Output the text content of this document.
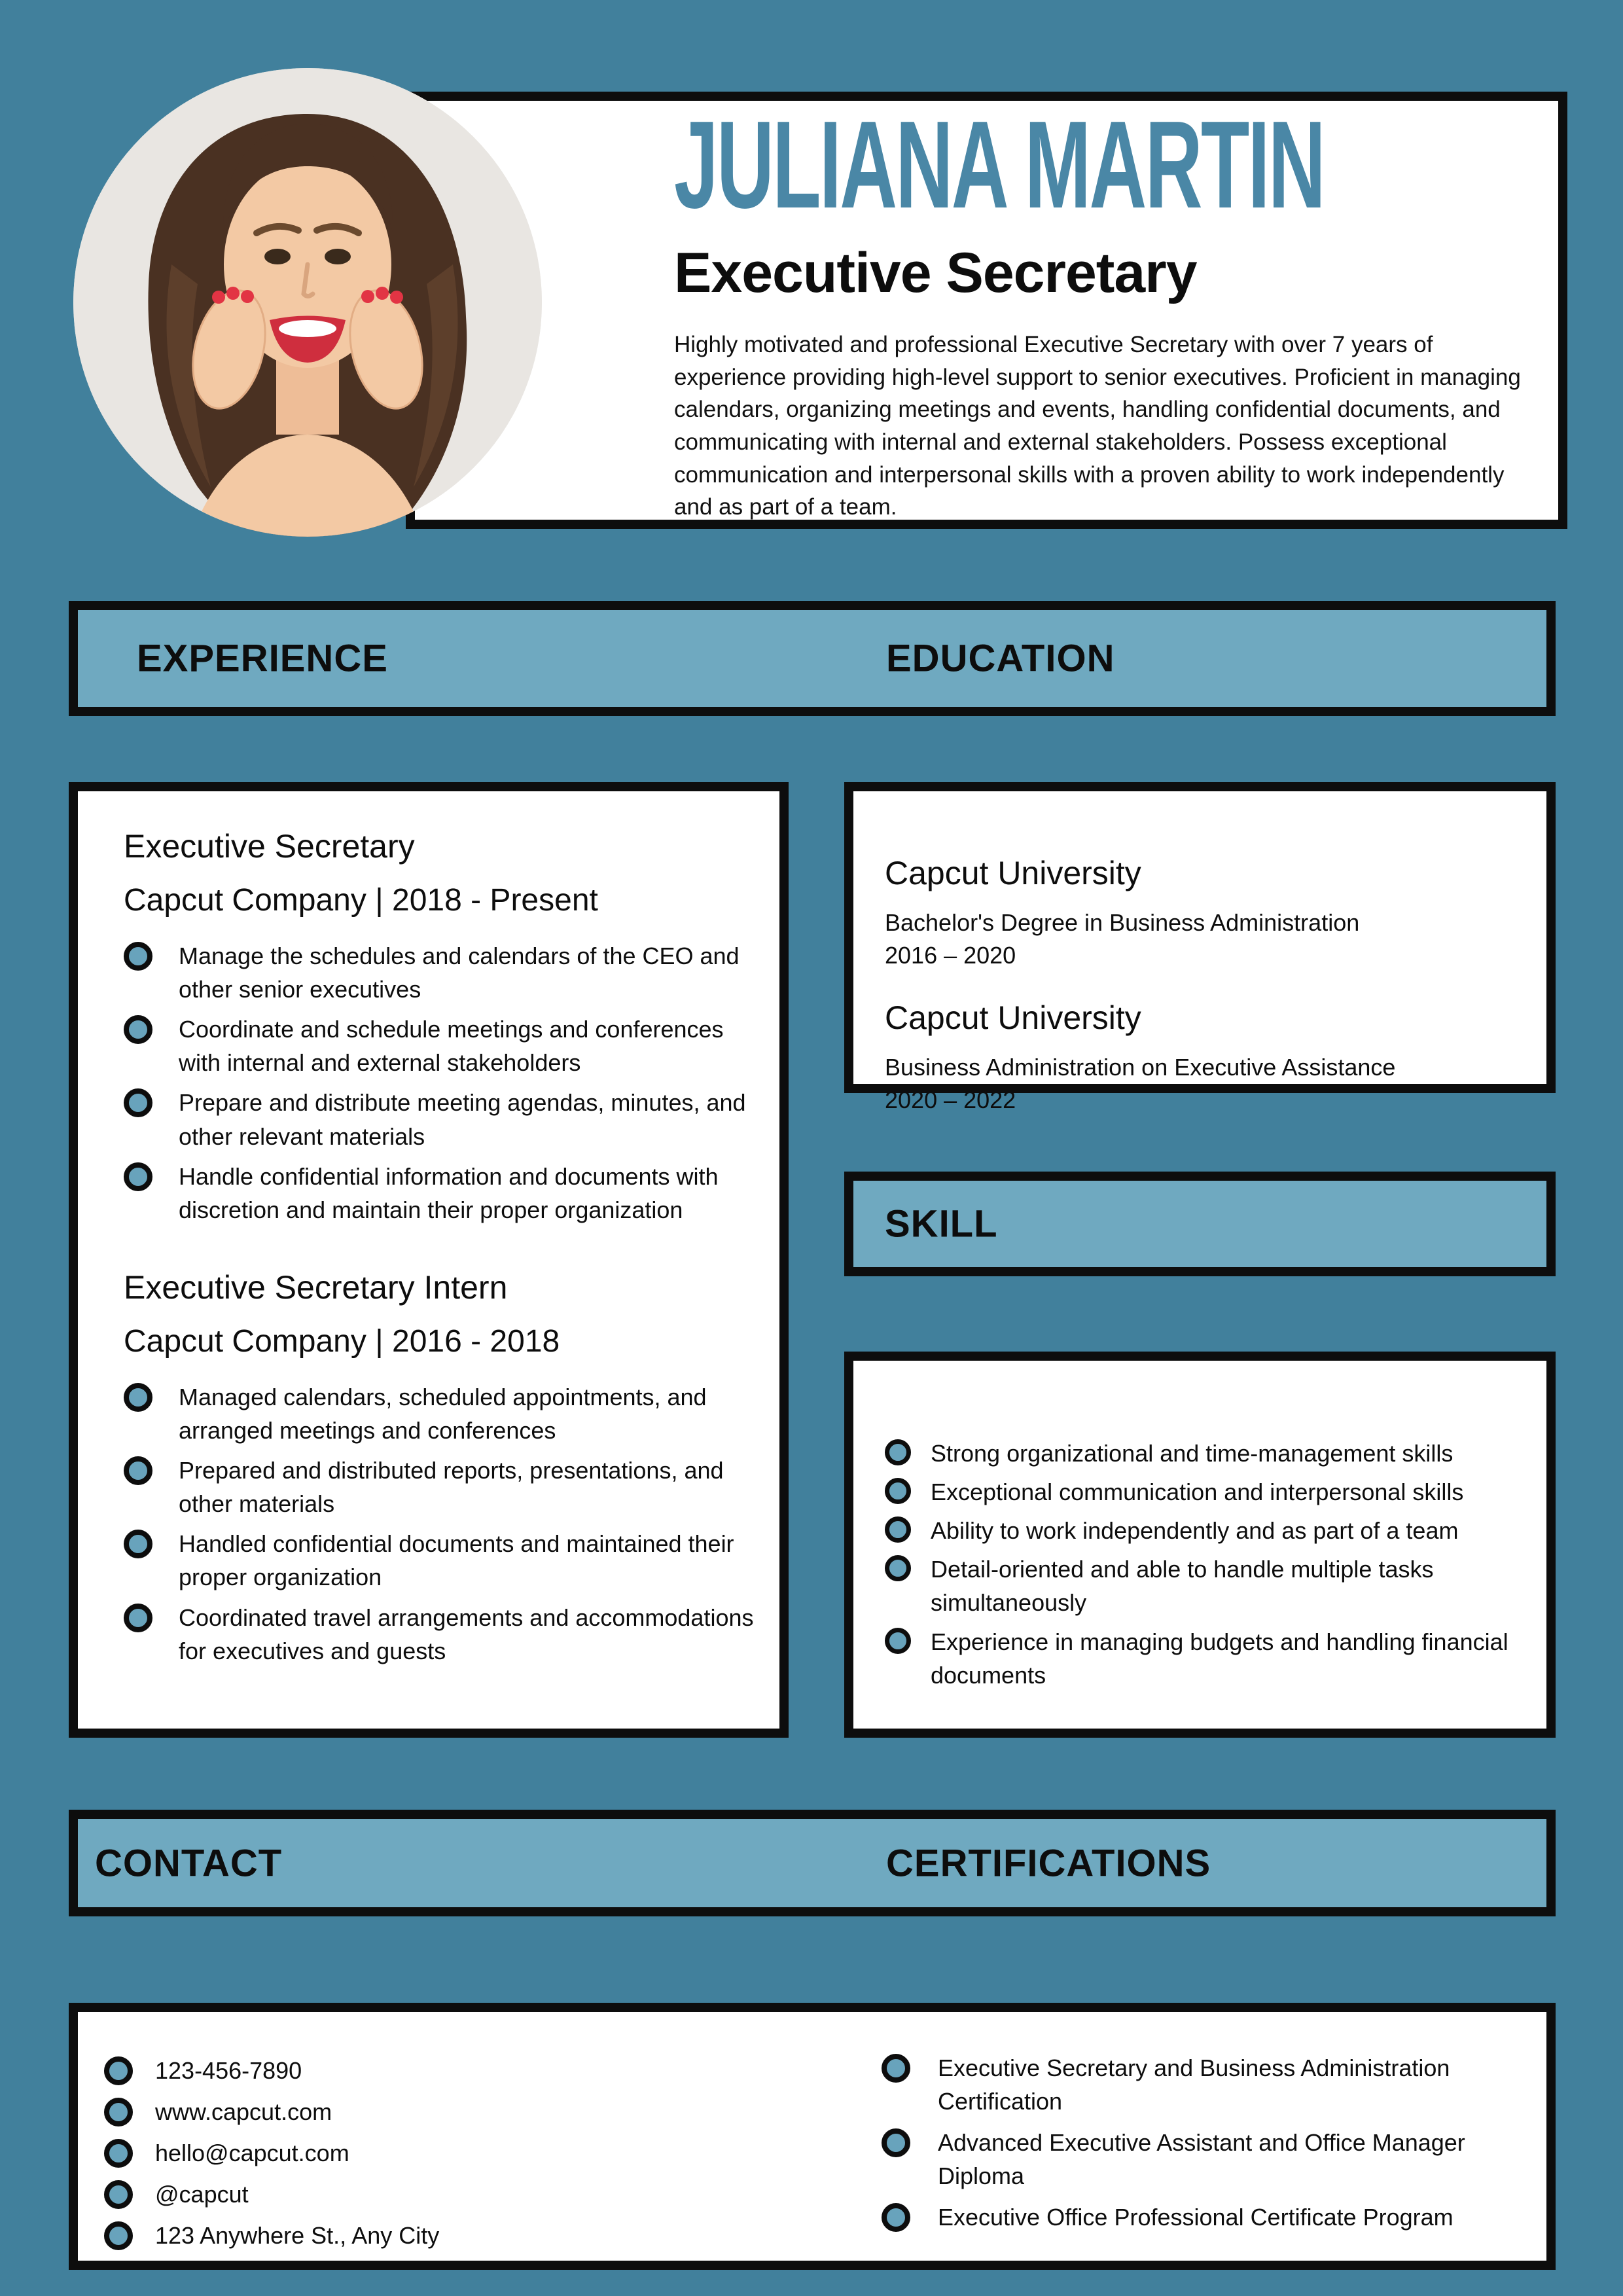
JULIANA MARTIN
Executive Secretary

Highly motivated and professional Executive Secretary with over 7 years of experience providing high-level support to senior executives. Proficient in managing calendars, organizing meetings and events, handling confidential documents, and communicating with internal and external stakeholders. Possess exceptional communication and interpersonal skills with a proven ability to work independently and as part of a team.

EXPERIENCE	EDUCATION
Executive Secretary
Capcut Company | 2018 - Present
Manage the schedules and calendars of the CEO and other senior executives
Coordinate and schedule meetings and conferences with internal and external stakeholders
Prepare and distribute meeting agendas, minutes, and other relevant materials
Handle confidential information and documents with discretion and maintain their proper organization
Executive Secretary Intern
Capcut Company | 2016 - 2018
Managed calendars, scheduled appointments, and arranged meetings and conferences
Prepared and distributed reports, presentations, and other materials
Handled confidential documents and maintained their proper organization
Coordinated travel arrangements and accommodations for executives and guests
Capcut University
Bachelor's Degree in Business Administration
2016 – 2020
Capcut University
Business Administration on Executive Assistance
2020 – 2022
SKILL
Strong organizational and time-management skills
Exceptional communication and interpersonal skills
Ability to work independently and as part of a team
Detail-oriented and able to handle multiple tasks simultaneously
Experience in managing budgets and handling financial documents
CONTACT	CERTIFICATIONS
123-456-7890
www.capcut.com
hello@capcut.com
@capcut
123 Anywhere St., Any City
Executive Secretary and Business Administration Certification
Advanced Executive Assistant and Office Manager Diploma
Executive Office Professional Certificate Program
